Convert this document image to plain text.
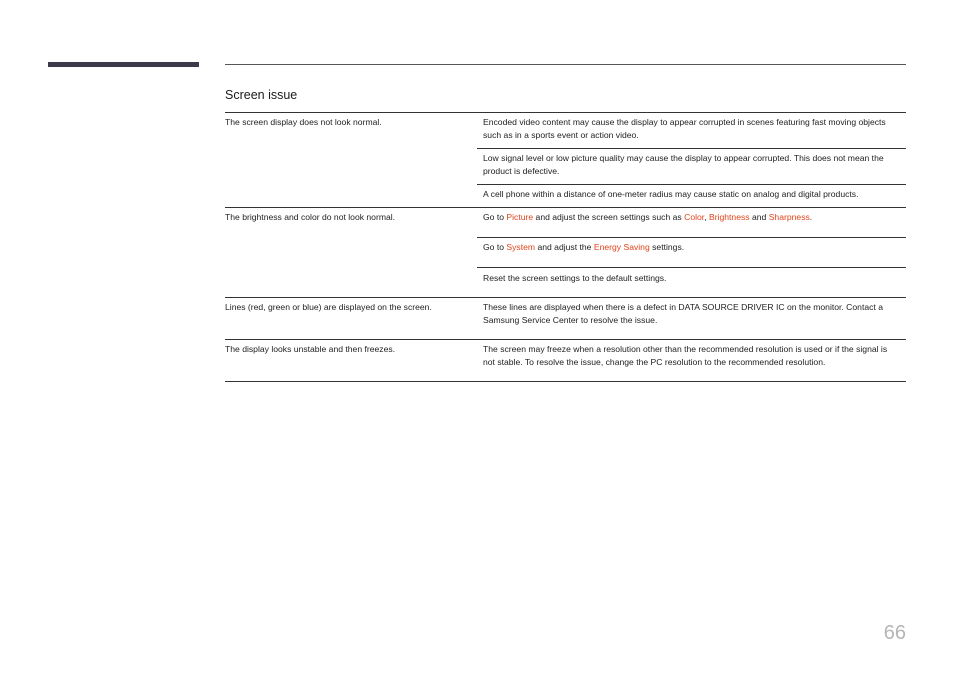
Screen issue
The screen display does not look normal.	Encoded video content may cause the display to appear corrupted in scenes featuring fast moving objects such as in a sports event or action video.
Low signal level or low picture quality may cause the display to appear corrupted. This does not mean the product is defective.
A cell phone within a distance of one-meter radius may cause static on analog and digital products.
The brightness and color do not look normal.	Go to Picture and adjust the screen settings such as Color, Brightness and Sharpness.
Go to System and adjust the Energy Saving settings.
Reset the screen settings to the default settings.
Lines (red, green or blue) are displayed on the screen.	These lines are displayed when there is a defect in DATA SOURCE DRIVER IC on the monitor. Contact a Samsung Service Center to resolve the issue.
The display looks unstable and then freezes.	The screen may freeze when a resolution other than the recommended resolution is used or if the signal is not stable. To resolve the issue, change the PC resolution to the recommended resolution.
66
